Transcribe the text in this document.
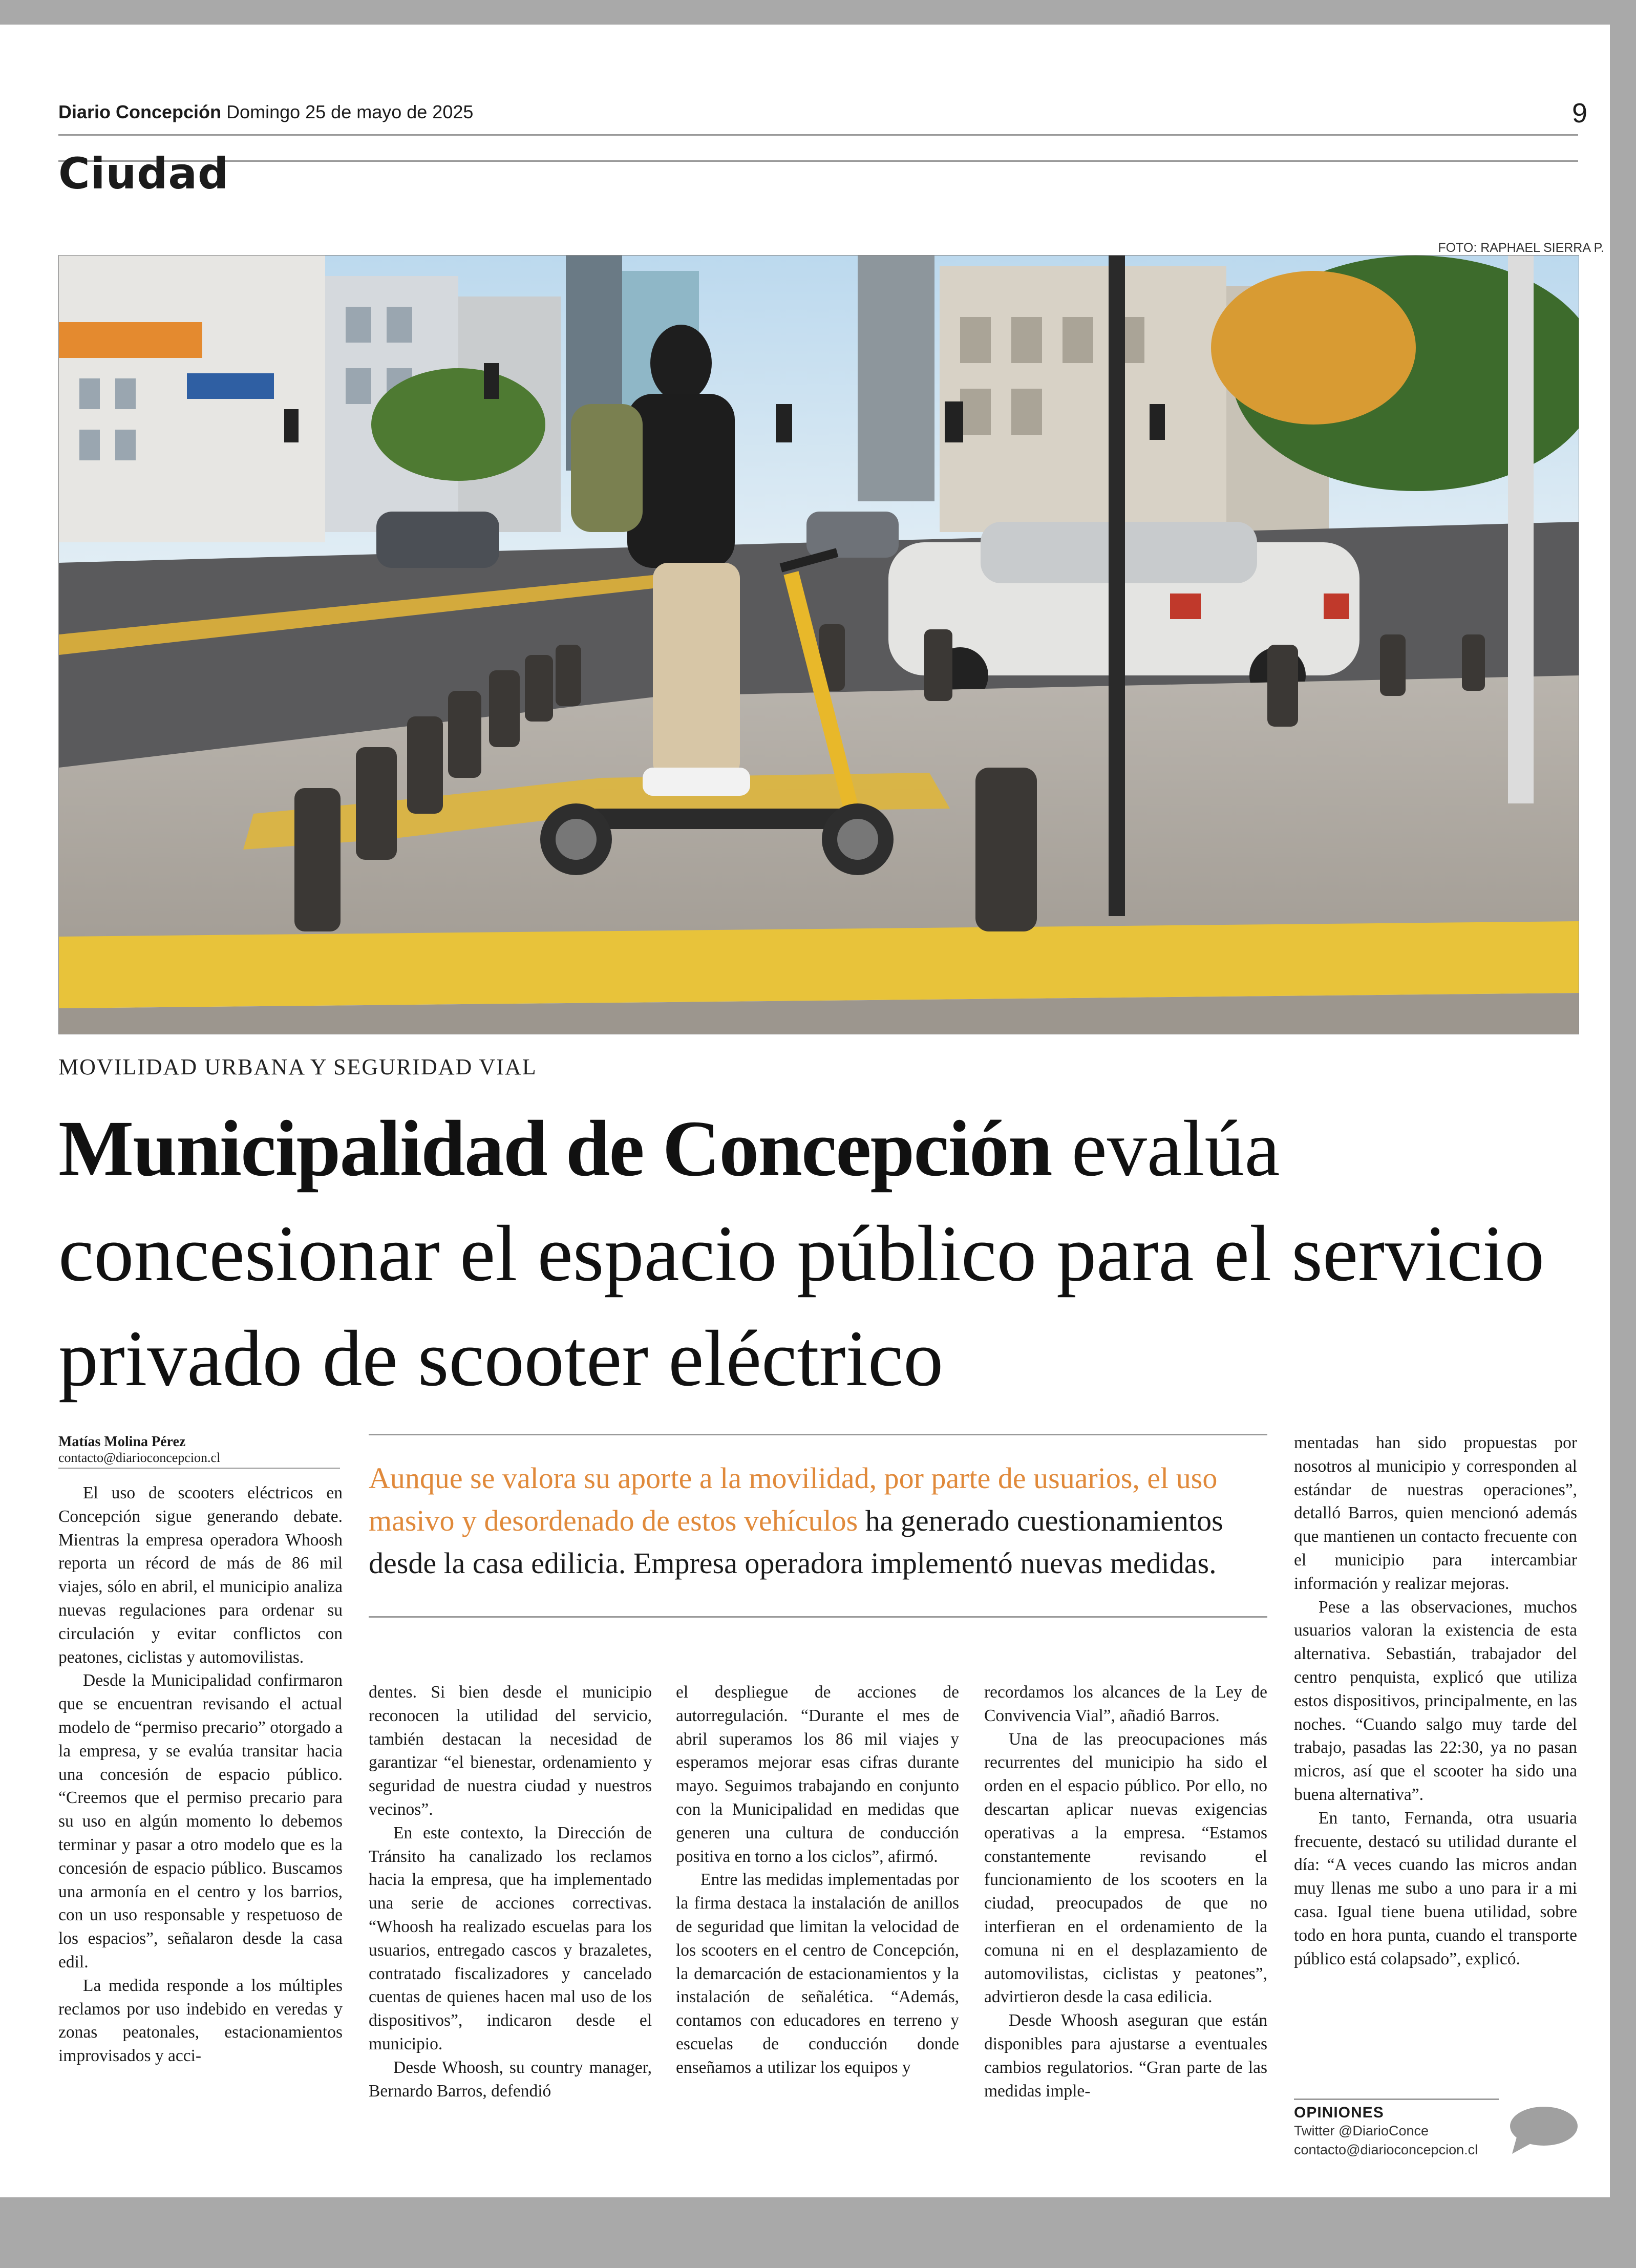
Diario Concepción Domingo 25 de mayo de 2025	9
Ciudad
FOTO: RAPHAEL SIERRA P.
MOVILIDAD URBANA Y SEGURIDAD VIAL
Municipalidad de Concepción evalúa concesionar el espacio público para el servicio privado de scooter eléctrico
Matías Molina Pérez
contacto@diarioconcepcion.cl
Aunque se valora su aporte a la movilidad, por parte de usuarios, el uso masivo y desordenado de estos vehículos ha generado cuestionamientos desde la casa edilicia. Empresa operadora implementó nuevas medidas.

El uso de scooters eléctricos en Concepción sigue generando debate. Mientras la empresa operadora Whoosh reporta un récord de más de 86 mil viajes, sólo en abril, el municipio analiza nuevas regulaciones para ordenar su circulación y evitar conflictos con peatones, ciclistas y automovilistas.

Desde la Municipalidad confirmaron que se encuentran revisando el actual modelo de “permiso precario” otorgado a la empresa, y se evalúa transitar hacia una concesión de espacio público. “Creemos que el permiso precario para su uso en algún momento lo debemos terminar y pasar a otro modelo que es la concesión de espacio público. Buscamos una armonía en el centro y los barrios, con un uso responsable y respetuoso de los espacios”, señalaron desde la casa edil.

La medida responde a los múltiples reclamos por uso indebido en veredas y zonas peatonales, estacionamientos improvisados y acci-

dentes. Si bien desde el municipio reconocen la utilidad del servicio, también destacan la necesidad de garantizar “el bienestar, ordenamiento y seguridad de nuestra ciudad y nuestros vecinos”.

En este contexto, la Dirección de Tránsito ha canalizado los reclamos hacia la empresa, que ha implementado una serie de acciones correctivas. “Whoosh ha realizado escuelas para los usuarios, entregado cascos y brazaletes, contratado fiscalizadores y cancelado cuentas de quienes hacen mal uso de los dispositivos”, indicaron desde el municipio.

Desde Whoosh, su country manager, Bernardo Barros, defendió

el despliegue de acciones de autorregulación. “Durante el mes de abril superamos los 86 mil viajes y esperamos mejorar esas cifras durante mayo. Seguimos trabajando en conjunto con la Municipalidad en medidas que generen una cultura de conducción positiva en torno a los ciclos”, afirmó.

Entre las medidas implementadas por la firma destaca la instalación de anillos de seguridad que limitan la velocidad de los scooters en el centro de Concepción, la demarcación de estacionamientos y la instalación de señalética. “Además, contamos con educadores en terreno y escuelas de conducción donde enseñamos a utilizar los equipos y

recordamos los alcances de la Ley de Convivencia Vial”, añadió Barros.

Una de las preocupaciones más recurrentes del municipio ha sido el orden en el espacio público. Por ello, no descartan aplicar nuevas exigencias operativas a la empresa. “Estamos constantemente revisando el funcionamiento de los scooters en la ciudad, preocupados de que no interfieran en el ordenamiento de la comuna ni en el desplazamiento de automovilistas, ciclistas y peatones”, advirtieron desde la casa edilicia.

Desde Whoosh aseguran que están disponibles para ajustarse a eventuales cambios regulatorios. “Gran parte de las medidas imple-

mentadas han sido propuestas por nosotros al municipio y corresponden al estándar de nuestras operaciones”, detalló Barros, quien mencionó además que mantienen un contacto frecuente con el municipio para intercambiar información y realizar mejoras.

Pese a las observaciones, muchos usuarios valoran la existencia de esta alternativa. Sebastián, trabajador del centro penquista, explicó que utiliza estos dispositivos, principalmente, en las noches. “Cuando salgo muy tarde del trabajo, pasadas las 22:30, ya no pasan micros, así que el scooter ha sido una buena alternativa”.

En tanto, Fernanda, otra usuaria frecuente, destacó su utilidad durante el día: “A veces cuando las micros andan muy llenas me subo a uno para ir a mi casa. Igual tiene buena utilidad, sobre todo en hora punta, cuando el transporte público está colapsado”, explicó.

OPINIONES
Twitter @DiarioConce
contacto@diarioconcepcion.cl
